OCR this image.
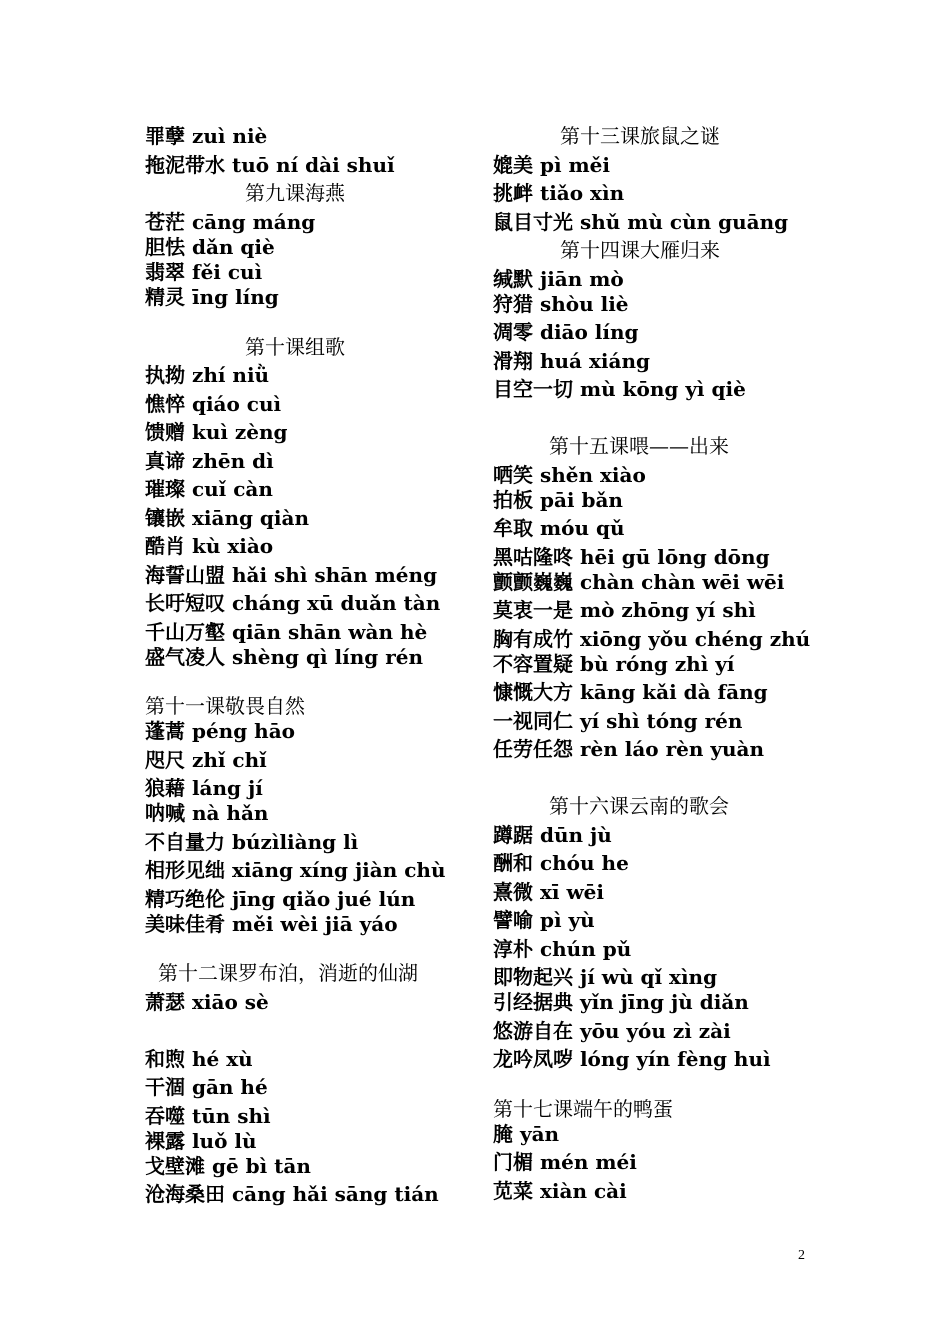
罪孽 zuì niè
拖泥带水 tuō ní dài shuǐ
第九课海燕
苍茫 cāng máng
胆怯 dǎn qiè
翡翠 fěi cuì
精灵 īng líng
第十课组歌
执拗 zhí niǜ
憔悴 qiáo cuì
馈赠 kuì zèng
真谛 zhēn dì
璀璨 cuǐ càn
镶嵌 xiāng qiàn
酷肖 kù xiào
海誓山盟 hǎi shì shān méng
长吁短叹 cháng xū duǎn tàn
千山万壑 qiān shān wàn hè
盛气凌人 shèng qì líng rén
第十一课敬畏自然
蓬蒿 péng hāo
咫尺 zhǐ chǐ
狼藉 láng jí
呐喊 nà hǎn
不自量力 búzìliàng lì
相形见绌 xiāng xíng jiàn chù
精巧绝伦 jīng qiǎo jué lún
美味佳肴 měi wèi jiā yáo
第十二课罗布泊，消逝的仙湖
萧瑟 xiāo sè
和煦 hé xù
干涸 gān hé
吞噬 tūn shì
裸露 luǒ lù
戈壁滩 gē bì tān
沧海桑田 cāng hǎi sāng tián
第十三课旅鼠之谜
媲美 pì měi
挑衅 tiǎo xìn
鼠目寸光 shǔ mù cùn guāng
第十四课大雁归来
缄默 jiān mò
狩猎 shòu liè
凋零 diāo líng
滑翔 huá xiáng
目空一切 mù kōng yì qiè
第十五课喂——出来
哂笑 shěn xiào
拍板 pāi bǎn
牟取 móu qǔ
黑咕隆咚 hēi gū lōng dōng
颤颤巍巍 chàn chàn wēi wēi
莫衷一是 mò zhōng yí shì
胸有成竹 xiōng yǒu chéng zhú
不容置疑 bù róng zhì yí
慷慨大方 kāng kǎi dà fāng
一视同仁 yí shì tóng rén
任劳任怨 rèn láo rèn yuàn
第十六课云南的歌会
蹲踞 dūn jù
酬和 chóu he
熹微 xī wēi
譬喻 pì yù
淳朴 chún pǔ
即物起兴 jí wù qǐ xìng
引经据典 yǐn jīng jù diǎn
悠游自在 yōu yóu zì zài
龙吟凤哕 lóng yín fèng huì
第十七课端午的鸭蛋
腌 yān
门楣 mén méi
苋菜 xiàn cài
2
